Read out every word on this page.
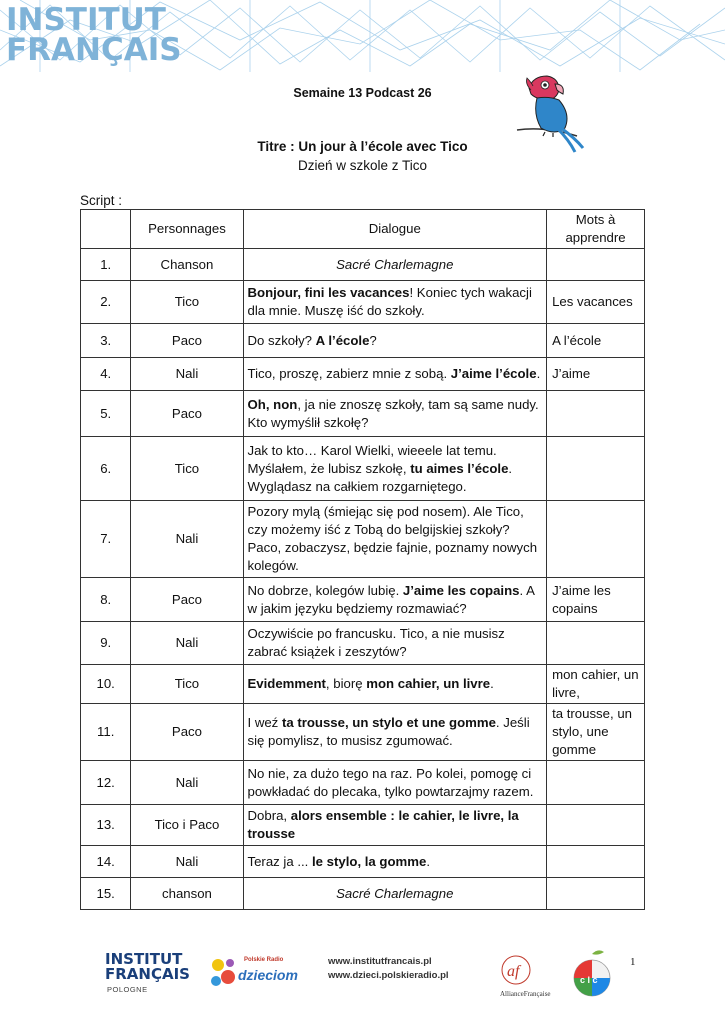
INSTITUT
FRANÇAIS
Semaine 13 Podcast 26
Titre : Un jour à l’école avec Tico
Dzień w szkole z Tico
Script :
	Personnages	Dialogue	Mots à apprendre
1.	Chanson	Sacré Charlemagne	
2.	Tico	Bonjour, fini les vacances! Koniec tych wakacji dla mnie. Muszę iść do szkoły.	Les vacances
3.	Paco	Do szkoły? A l’école?	A l’école
4.	Nali	Tico, proszę, zabierz mnie z sobą. J’aime l’école.	J’aime
5.	Paco	Oh, non, ja nie znoszę szkoły, tam są same nudy. Kto wymyślił szkołę?	
6.	Tico	Jak to kto… Karol Wielki, wieeele lat temu. Myślałem, że lubisz szkołę, tu aimes l’école. Wyglądasz na całkiem rozgarniętego.	
7.	Nali	Pozory mylą (śmiejąc się pod nosem). Ale Tico, czy możemy iść z Tobą do belgijskiej szkoły? Paco, zobaczysz, będzie fajnie, poznamy nowych kolegów.	
8.	Paco	No dobrze, kolegów lubię. J’aime les copains. A w jakim języku będziemy rozmawiać?	J’aime les copains
9.	Nali	Oczywiście po francusku. Tico, a nie musisz zabrać książek i zeszytów?	
10.	Tico	Evidemment, biorę mon cahier, un livre.	mon cahier, un livre,
11.	Paco	I weź ta trousse, un stylo et une gomme. Jeśli się pomylisz, to musisz zgumować.	ta trousse, un stylo, une gomme
12.	Nali	No nie, za dużo tego na raz. Po kolei, pomogę ci powkładać do plecaka, tylko powtarzajmy razem.	
13.	Tico i Paco	Dobra, alors ensemble : le cahier, le livre, la trousse	
14.	Nali	Teraz ja ... le stylo, la gomme.	
15.	chanson	Sacré Charlemagne	
1
INSTITUT
FRANÇAIS
POLOGNE
Polskie Radio
dzieciom
www.institutfrancais.pl
www.dzieci.polskieradio.pl	af
AllianceFrançaise
c l c
